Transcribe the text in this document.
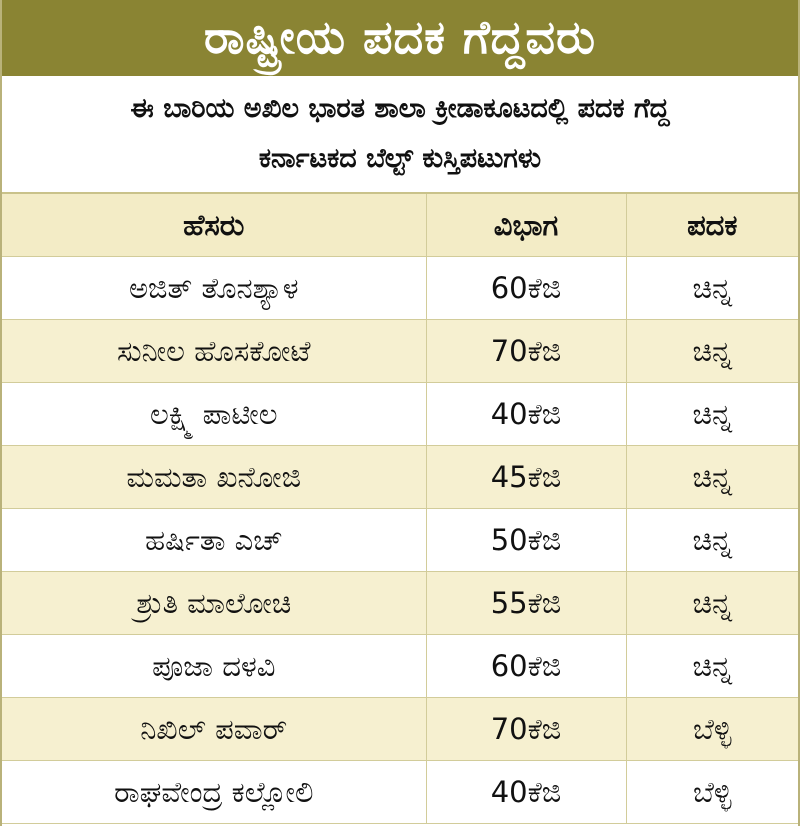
ರಾಷ್ಟ್ರೀಯ ಪದಕ ಗೆದ್ದವರು
ಈ ಬಾರಿಯ ಅಖಿಲ ಭಾರತ ಶಾಲಾ ಕ್ರೀಡಾಕೂಟದಲ್ಲಿ ಪದಕ ಗೆದ್ದ
ಕರ್ನಾಟಕದ ಬೆಲ್ಟ್ ಕುಸ್ತಿಪಟುಗಳು
ಹೆಸರು	ವಿಭಾಗ	ಪದಕ
ಅಜಿತ್ ತೊನಶ್ಯಾಳ	60ಕೆಜಿ	ಚಿನ್ನ
ಸುನೀಲ ಹೊಸಕೋಟೆ	70ಕೆಜಿ	ಚಿನ್ನ
ಲಕ್ಷ್ಮಿ ಪಾಟೀಲ	40ಕೆಜಿ	ಚಿನ್ನ
ಮಮತಾ ಖನೋಜಿ	45ಕೆಜಿ	ಚಿನ್ನ
ಹರ್ಷಿತಾ ಎಚ್	50ಕೆಜಿ	ಚಿನ್ನ
ಶ್ರುತಿ ಮಾಲೋಚಿ	55ಕೆಜಿ	ಚಿನ್ನ
ಪೂಜಾ ದಳವಿ	60ಕೆಜಿ	ಚಿನ್ನ
ನಿಖಿಲ್ ಪವಾರ್	70ಕೆಜಿ	ಬೆಳ್ಳಿ
ರಾಘವೇಂದ್ರ ಕಲ್ಲೋಲಿ	40ಕೆಜಿ	ಬೆಳ್ಳಿ
